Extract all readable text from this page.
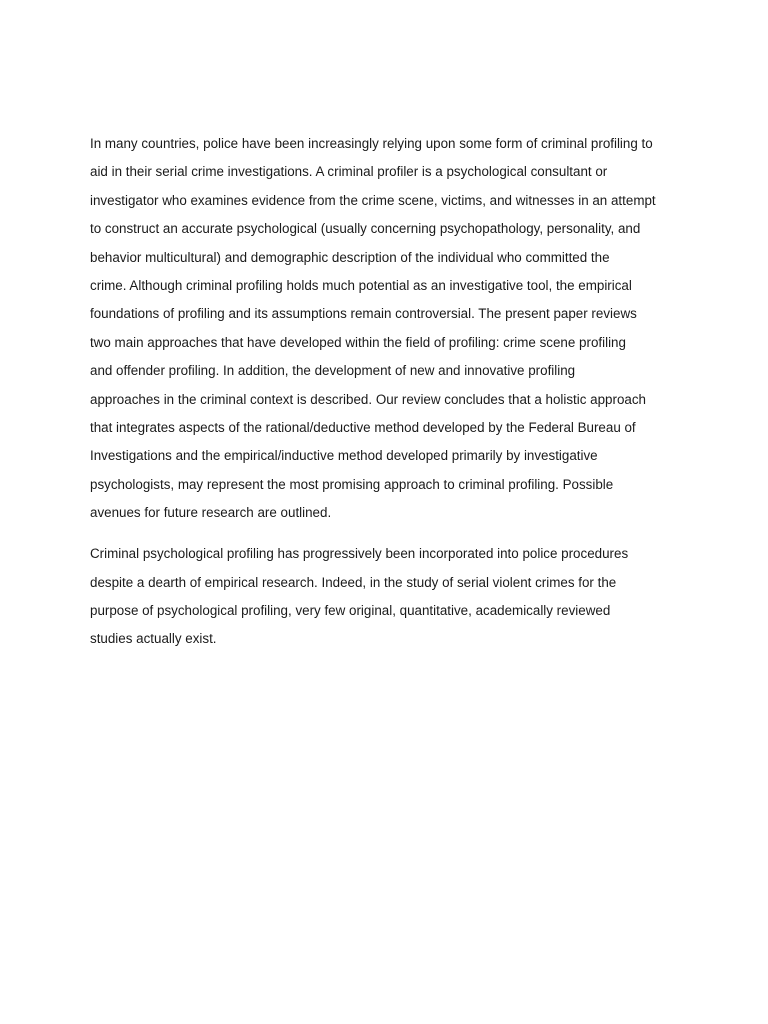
In many countries, police have been increasingly relying upon some form of criminal profiling to
aid in their serial crime investigations. A criminal profiler is a psychological consultant or
investigator who examines evidence from the crime scene, victims, and witnesses in an attempt
to construct an accurate psychological (usually concerning psychopathology, personality, and
behavior multicultural) and demographic description of the individual who committed the
crime. Although criminal profiling holds much potential as an investigative tool, the empirical
foundations of profiling and its assumptions remain controversial. The present paper reviews
two main approaches that have developed within the field of profiling: crime scene profiling
and offender profiling. In addition, the development of new and innovative profiling
approaches in the criminal context is described. Our review concludes that a holistic approach
that integrates aspects of the rational/deductive method developed by the Federal Bureau of
Investigations and the empirical/inductive method developed primarily by investigative
psychologists, may represent the most promising approach to criminal profiling. Possible
avenues for future research are outlined.

Criminal psychological profiling has progressively been incorporated into police procedures
despite a dearth of empirical research. Indeed, in the study of serial violent crimes for the
purpose of psychological profiling, very few original, quantitative, academically reviewed
studies actually exist.
